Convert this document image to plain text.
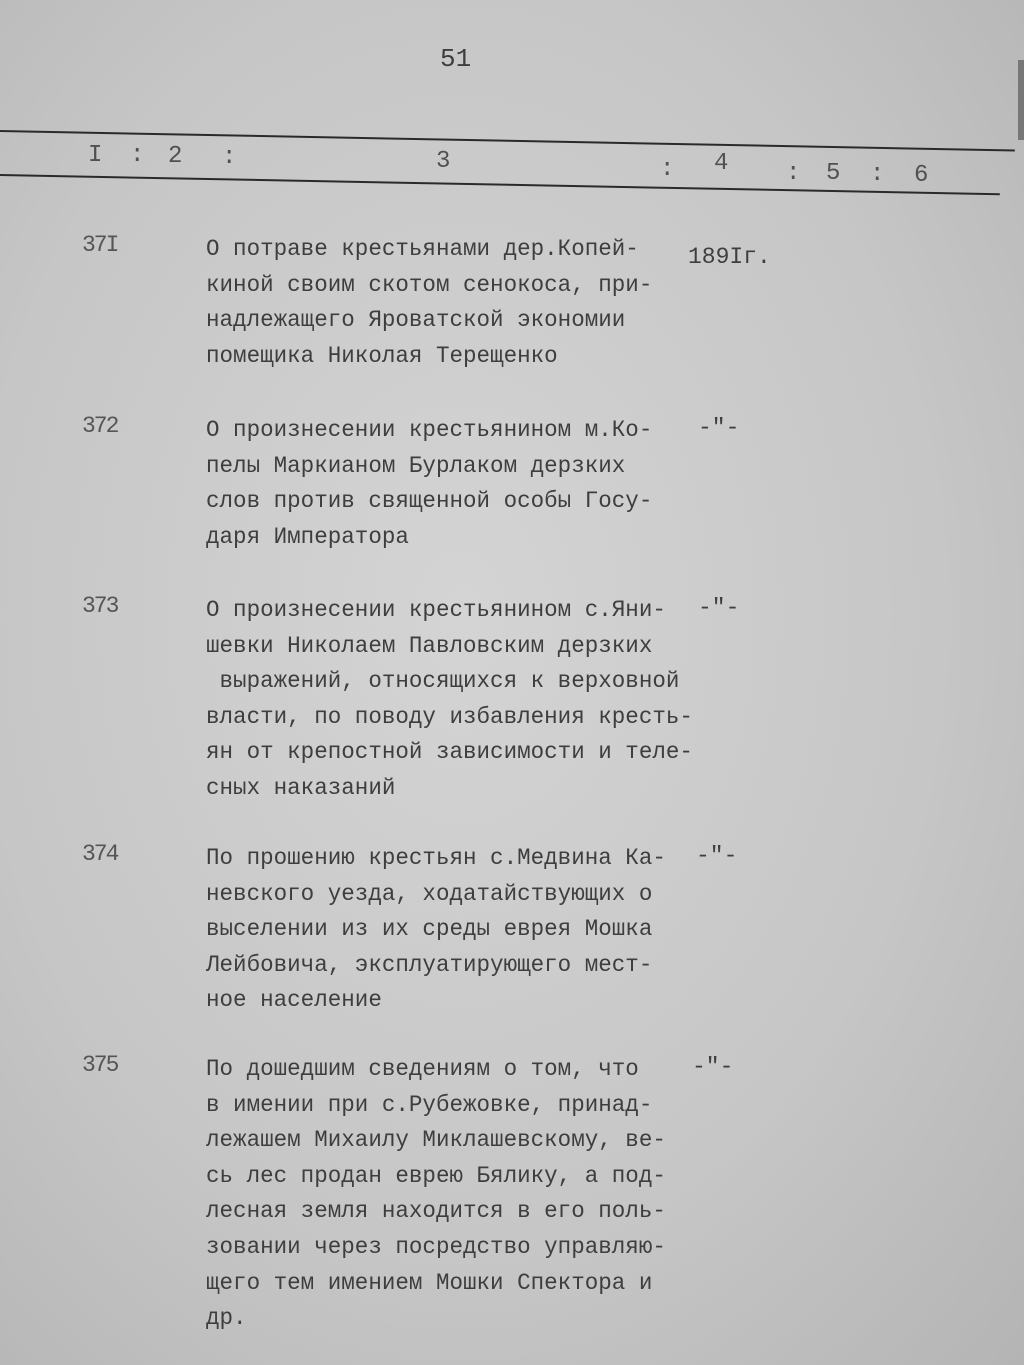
51
I : 2 :	3	: 4 : 5 : 6
37I	О потраве крестьянами дер.Копей-
киной своим скотом сенокоса, при-
надлежащего Яроватской экономии
помещика Николая Терещенко
189Iг.
372	О произнесении крестьянином м.Ко-
пелы Маркианом Бурлаком дерзких
слов против священной особы Госу-
даря Императора
-"-
373	О произнесении крестьянином с.Яни-
шевки Николаем Павловским дерзких
выражений, относящихся к верховной
власти, по поводу избавления кресть-
ян от крепостной зависимости и теле-
сных наказаний
-"-
374	По прошению крестьян с.Медвина Ка-
невского уезда, ходатайствующих о
выселении из их среды еврея Мошка
Лейбовича, эксплуатирующего мест-
ное население
-"-
375	По дошедшим сведениям о том, что
в имении при с.Рубежовке, принад-
лежашем Михаилу Миклашевскому, ве-
сь лес продан еврею Бялику, а под-
лесная земля находится в его поль-
зовании через посредство управляю-
щего тем имением Мошки Спектора и
др.
-"-
